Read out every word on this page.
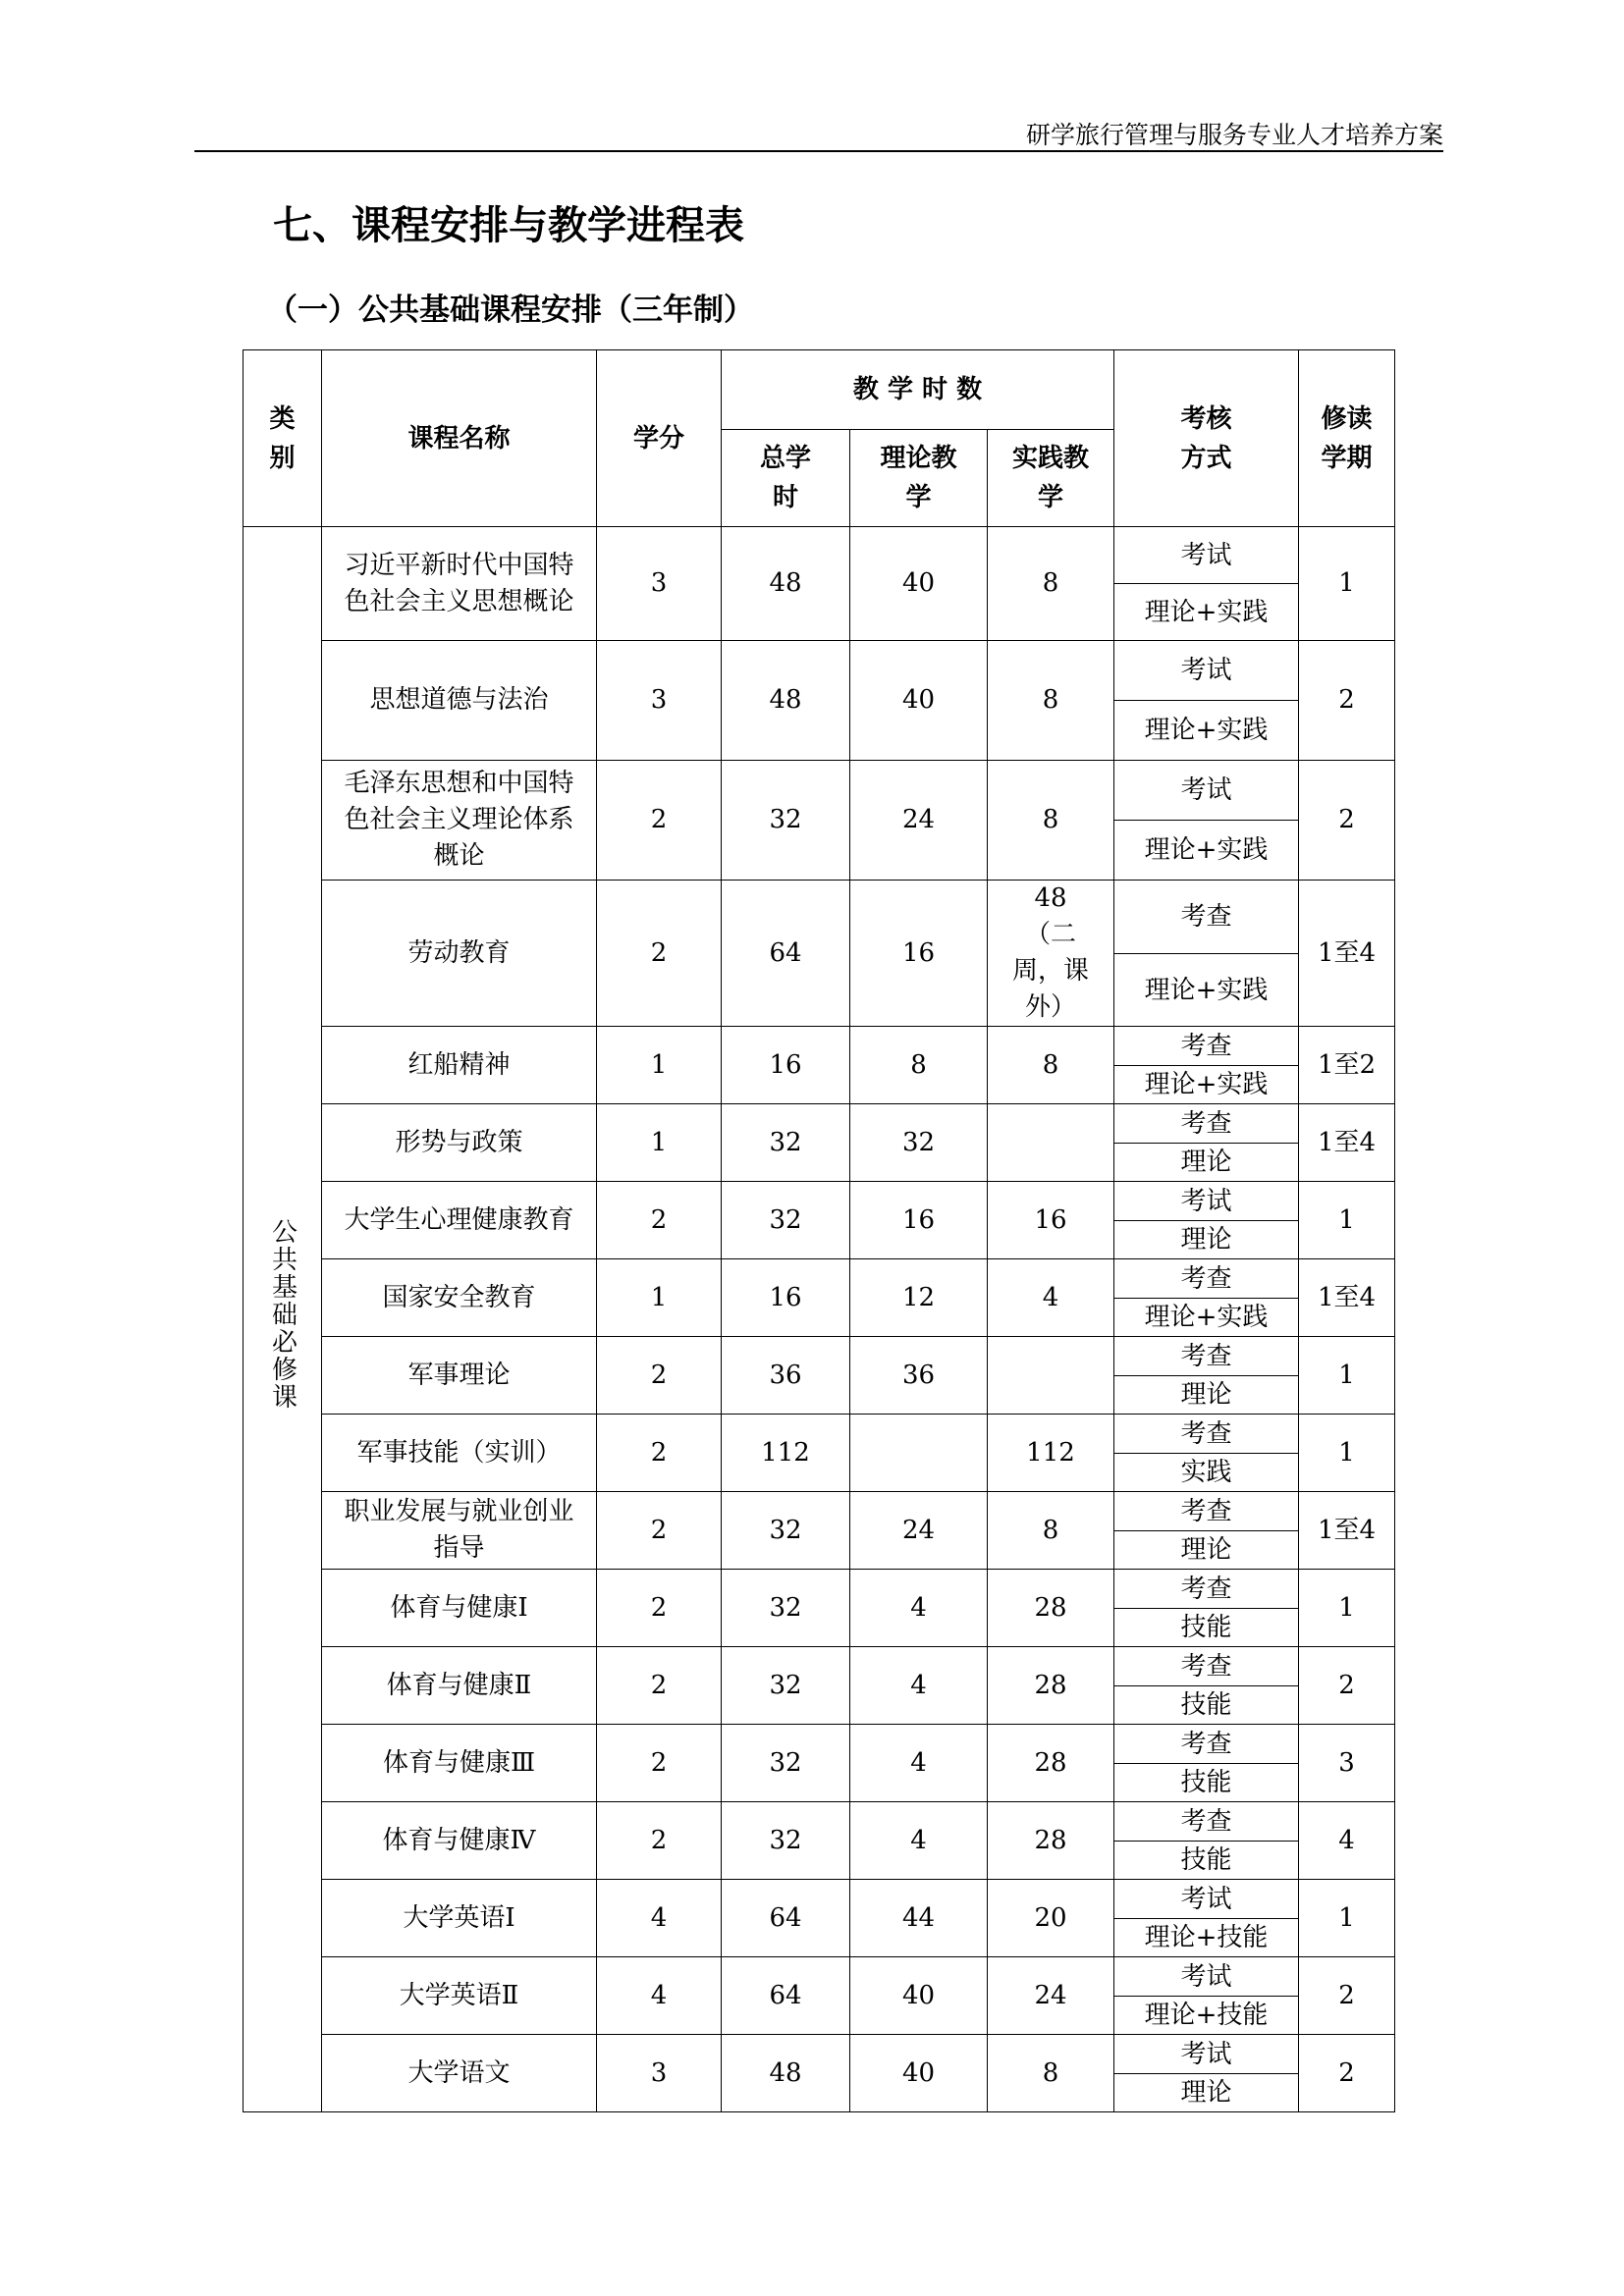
研学旅行管理与服务专业人才培养方案
七、课程安排与教学进程表
（一）公共基础课程安排（三年制）
类别	课程名称	学分	教 学 时 数			考核方式	修读学期

			总学时	理论教学	实践教学		

公共基础必修课	习近平新时代中国特色社会主义思想概论	3	48	40	8	考试	1
						理论+实践	
	思想道德与法治	3	48	40	8	考试	2
						理论+实践	
	毛泽东思想和中国特色社会主义理论体系概论	2	32	24	8	考试	2
						理论+实践	
	劳动教育	2	64	16	48（二周，课外）	考查	1至4
						理论+实践	
	红船精神	1	16	8	8	考查	1至2
						理论+实践	
	形势与政策	1	32	32		考查	1至4
						理论	
	大学生心理健康教育	2	32	16	16	考试	1
						理论	
	国家安全教育	1	16	12	4	考查	1至4
						理论+实践	
	军事理论	2	36	36		考查	1
						理论	
	军事技能（实训）	2	112		112	考查	1
						实践	
	职业发展与就业创业指导	2	32	24	8	考查	1至4
						理论	
	体育与健康Ⅰ	2	32	4	28	考查	1
						技能	
	体育与健康Ⅱ	2	32	4	28	考查	2
						技能	
	体育与健康Ⅲ	2	32	4	28	考查	3
						技能	
	体育与健康Ⅳ	2	32	4	28	考查	4
						技能	
	大学英语Ⅰ	4	64	44	20	考试	1
						理论+技能	
	大学英语Ⅱ	4	64	40	24	考试	2
						理论+技能	
	大学语文	3	48	40	8	考试	2
						理论	
